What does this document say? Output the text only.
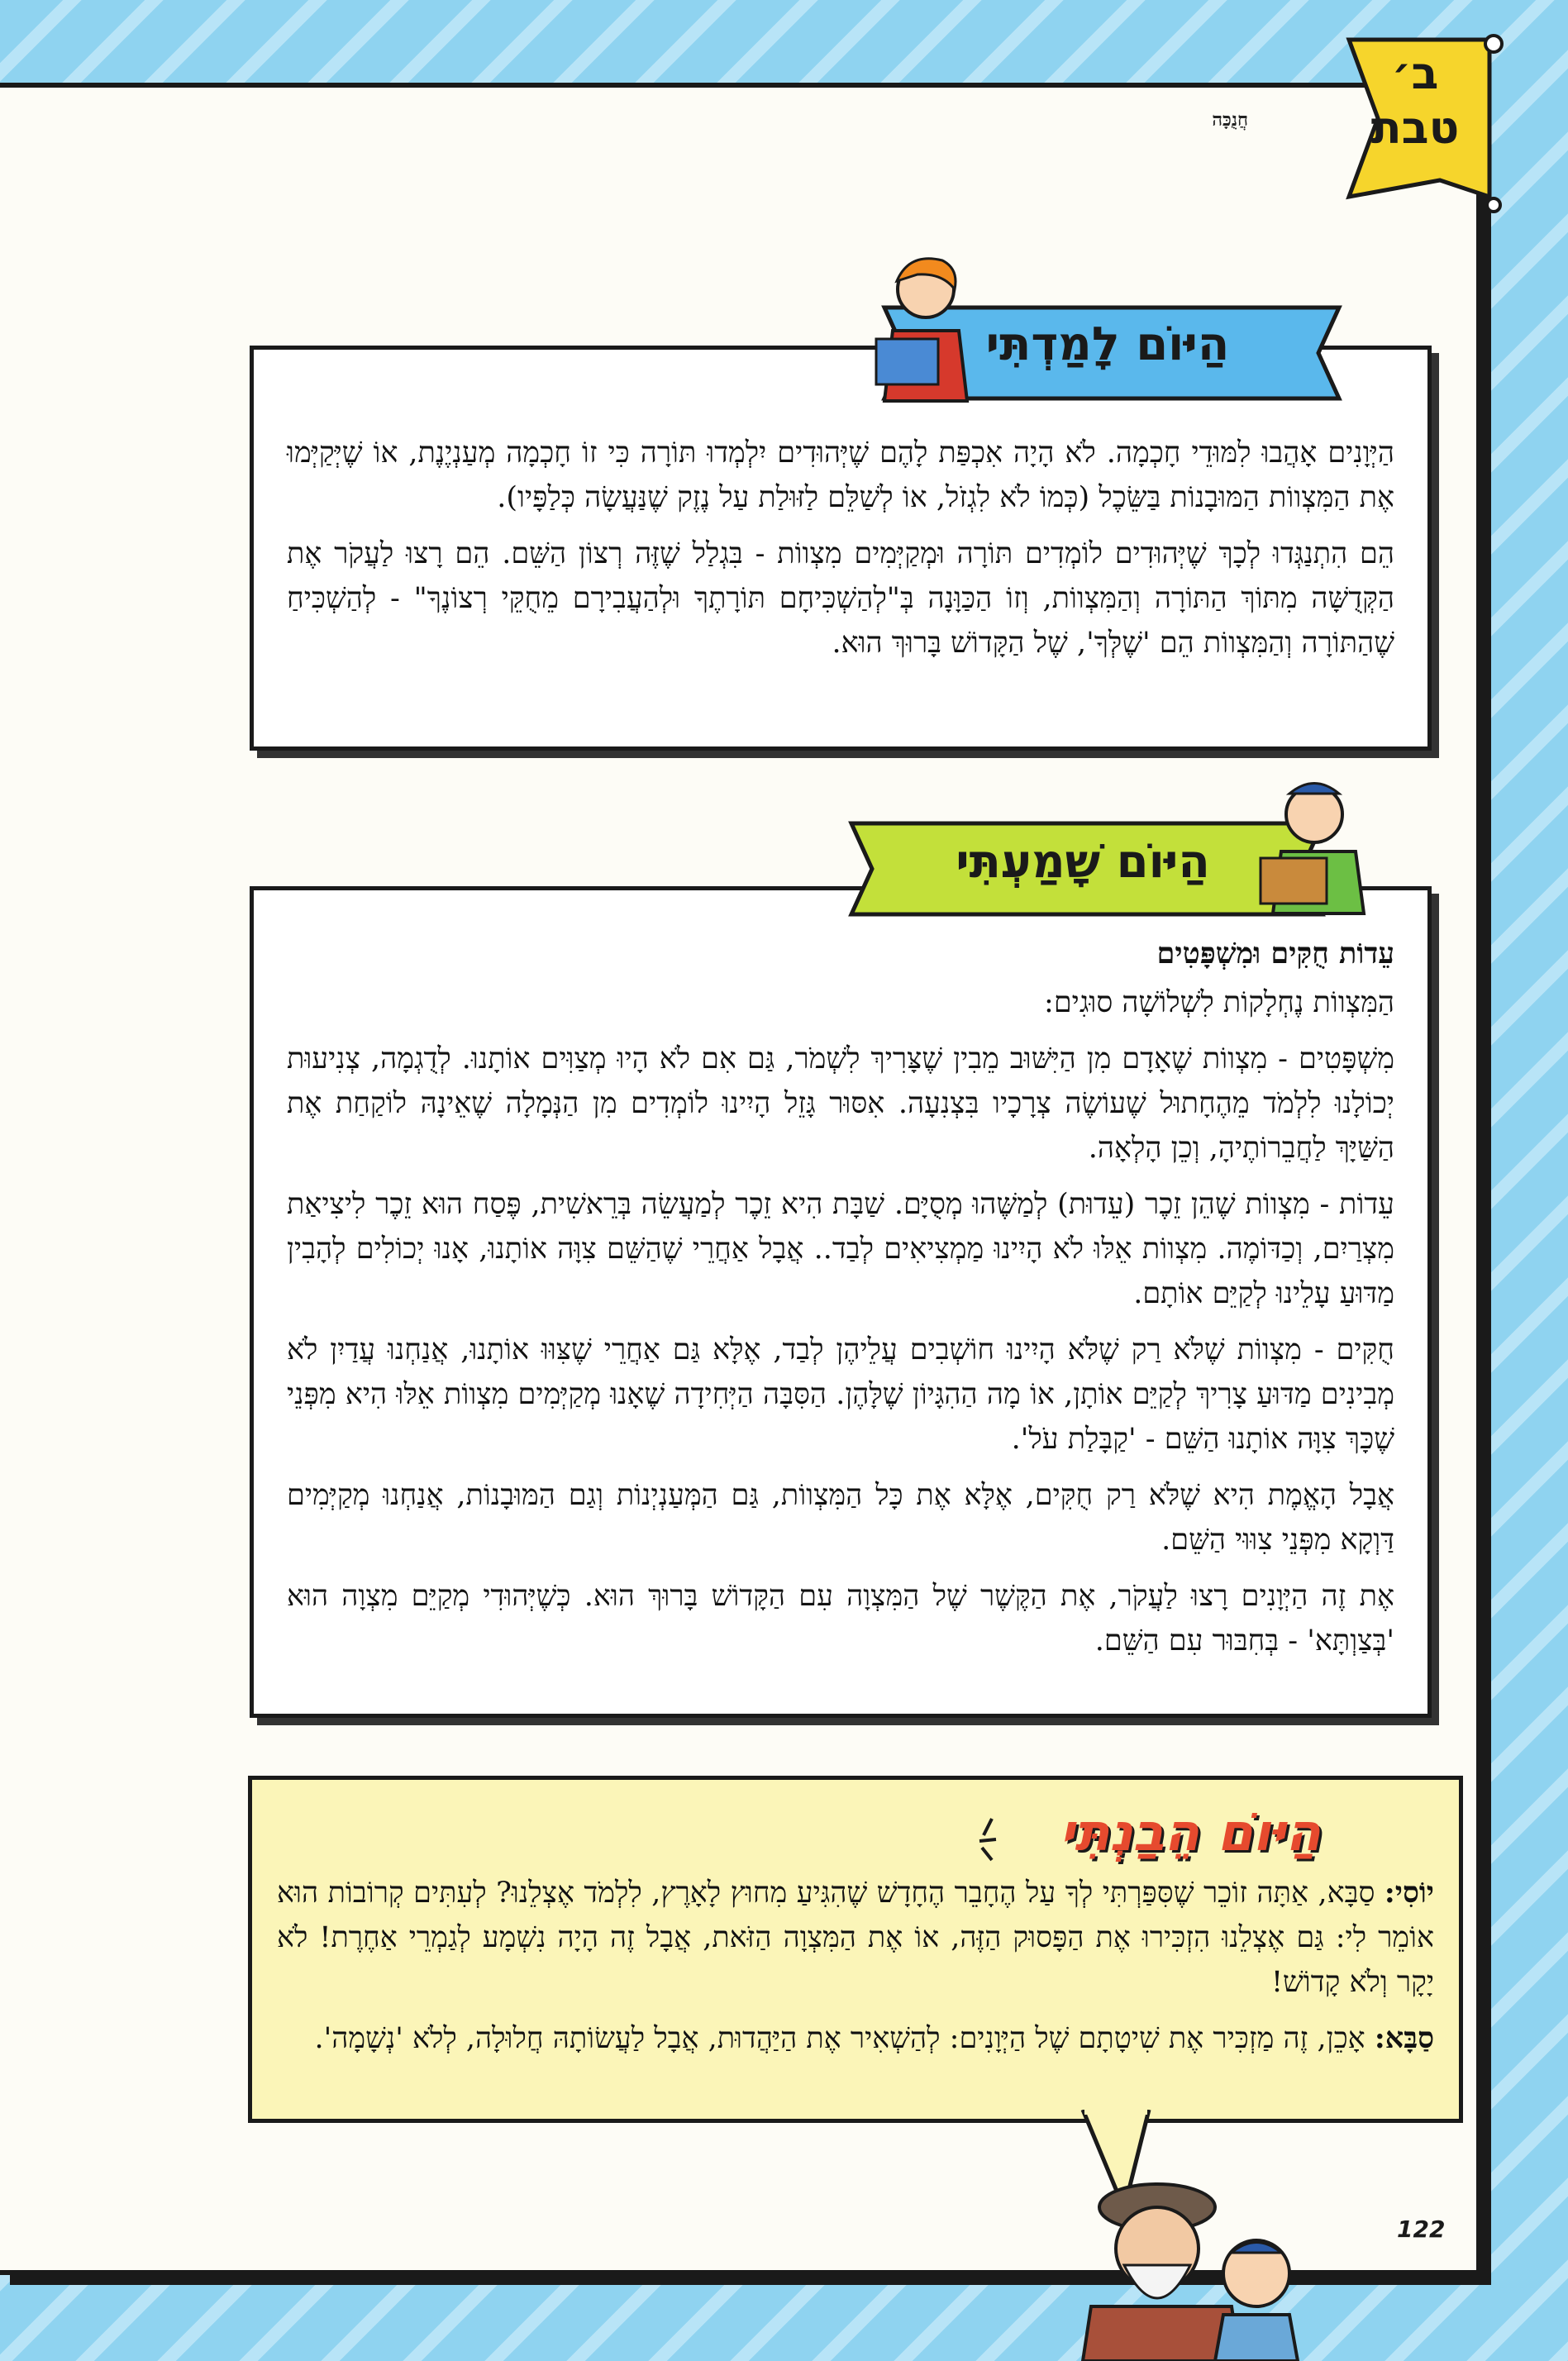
ב׳
טבת
חֲנֻכָּה

הַיְּוָנִים אָהֲבוּ לִמּוּדֵי חָכְמָה. לֹא הָיָה אִכְפַּת לָהֶם שֶׁיְּהוּדִים יִלְמְדוּ תּוֹרָה כִּי זוֹ חָכְמָה מְעַנְיֶנֶת, אוֹ שֶׁיְּקַיְּמוּ אֶת הַמִּצְווֹת הַמּוּבָנוֹת בַּשֵּׂכֶל (כְּמוֹ לֹא לִגְזֹל, אוֹ לְשַׁלֵּם לַזּוּלַת עַל נֶזֶק שֶׁנַּעֲשָׂה כְּלַפָּיו).

הֵם הִתְנַגְּדוּ לְכָךְ שֶׁיְּהוּדִים לוֹמְדִים תּוֹרָה וּמְקַיְּמִים מִצְווֹת - בִּגְלַל שֶׁזֶּה רְצוֹן הַשֵּׁם. הֵם רָצוּ לַעֲקֹר אֶת הַקְּדֻשָּׁה מִתּוֹךְ הַתּוֹרָה וְהַמִּצְווֹת, וְזוֹ הַכַּוָּנָה בְּ"לְהַשְׁכִּיחָם תּוֹרָתֶךָ וּלְהַעֲבִירָם מֵחֻקֵּי רְצוֹנֶךָ" - לְהַשְׁכִּיחַ שֶׁהַתּוֹרָה וְהַמִּצְווֹת הֵם 'שֶׁלְּךָ', שֶׁל הַקָּדוֹשׁ בָּרוּךְ הוּא.

הַיּוֹם לָמַדְתִּי

עֵדוֹת חֻקִּים וּמִשְׁפָּטִים

הַמִּצְווֹת נֶחְלָקוֹת לִשְׁלוֹשָׁה סוּגִים:

מִשְׁפָּטִים - מִצְווֹת שֶׁאָדָם מִן הַיִּשּׁוּב מֵבִין שֶׁצָּרִיךְ לִשְׁמֹר, גַּם אִם לֹא הָיוּ מְצַוִּים אוֹתָנוּ. לְדֻגְמָה, צְנִיעוּת יְכוֹלָנוּ לִלְמֹד מֵהֶחָתוּל שֶׁעוֹשֶׂה צְרָכָיו בִּצְנִעָה. אִסּוּר גָּזֵל הָיִינוּ לוֹמְדִים מִן הַנְּמָלָה שֶׁאֵינָהּ לוֹקַחַת אֶת הַשַּׁיָּךְ לַחֲבֵרוֹתֶיהָ, וְכֵן הָלְאָה.

עֵדוֹת - מִצְווֹת שֶׁהֵן זֵכֶר (עֵדוּת) לְמַשֶּׁהוּ מְסֻיָּם. שַׁבָּת הִיא זֵכֶר לְמַעֲשֵׂה בְּרֵאשִׁית, פֶּסַח הוּא זֵכֶר לִיצִיאַת מִצְרַיִם, וְכַדּוֹמֶה. מִצְווֹת אֵלּוּ לֹא הָיִינוּ מַמְצִיאִים לְבַד.. אֲבָל אַחֲרֵי שֶׁהַשֵּׁם צִוָּה אוֹתָנוּ, אָנוּ יְכוֹלִים לְהָבִין מַדּוּעַ עָלֵינוּ לְקַיֵּם אוֹתָם.

חֻקִּים - מִצְווֹת שֶׁלֹּא רַק שֶׁלֹּא הָיִינוּ חוֹשְׁבִים עֲלֵיהֶן לְבַד, אֶלָּא גַּם אַחֲרֵי שֶׁצִּוּוּ אוֹתָנוּ, אֲנַחְנוּ עֲדַיִן לֹא מְבִינִים מַדּוּעַ צָרִיךְ לְקַיֵּם אוֹתָן, אוֹ מָה הַהִגָּיוֹן שֶׁלָּהֶן. הַסִּבָּה הַיְּחִידָה שֶׁאָנוּ מְקַיְּמִים מִצְווֹת אֵלּוּ הִיא מִפְּנֵי שֶׁכָּךְ צִוָּה אוֹתָנוּ הַשֵּׁם - 'קַבָּלַת עֹל'.

אֲבָל הָאֱמֶת הִיא שֶׁלֹּא רַק חֻקִּים, אֶלָּא אֶת כָּל הַמִּצְווֹת, גַּם הַמְּעַנְיְנוֹת וְגַם הַמּוּבָנוֹת, אֲנַחְנוּ מְקַיְּמִים דַּוְקָא מִפְּנֵי צִוּוּי הַשֵּׁם.

אֶת זֶה הַיְּוָנִים רָצוּ לַעֲקֹר, אֶת הַקֶּשֶׁר שֶׁל הַמִּצְוָה עִם הַקָּדוֹשׁ בָּרוּךְ הוּא. כְּשֶׁיְּהוּדִי מְקַיֵּם מִצְוָה הוּא 'בְּצַוְתָּא' - בְּחִבּוּר עִם הַשֵּׁם.

הַיּוֹם שָׁמַעְתִּי

יוֹסִי: סַבָּא, אַתָּה זוֹכֵר שֶׁסִּפַּרְתִּי לְךָ עַל הֶחָבֵר הֶחָדָשׁ שֶׁהִגִּיעַ מִחוּץ לָאָרֶץ, לִלְמֹד אֶצְלֵנוּ? לְעִתִּים קְרוֹבוֹת הוּא אוֹמֵר לִי: גַּם אֶצְלֵנוּ הִזְכִּירוּ אֶת הַפָּסוּק הַזֶּה, אוֹ אֶת הַמִּצְוָה הַזֹּאת, אֲבָל זֶה הָיָה נִשְׁמָע לְגַמְרֵי אַחֶרֶת! לֹא יָקָר וְלֹא קָדוֹשׁ!

סַבָּא: אָכֵן, זֶה מַזְכִּיר אֶת שִׁיטָתָם שֶׁל הַיְּוָנִים: לְהַשְׁאִיר אֶת הַיַּהֲדוּת, אֲבָל לַעֲשׂוֹתָהּ חֲלוּלָה, לְלֹא 'נְשָׁמָה'.

הַיּוֹם הֵבַנְתִּי
122
